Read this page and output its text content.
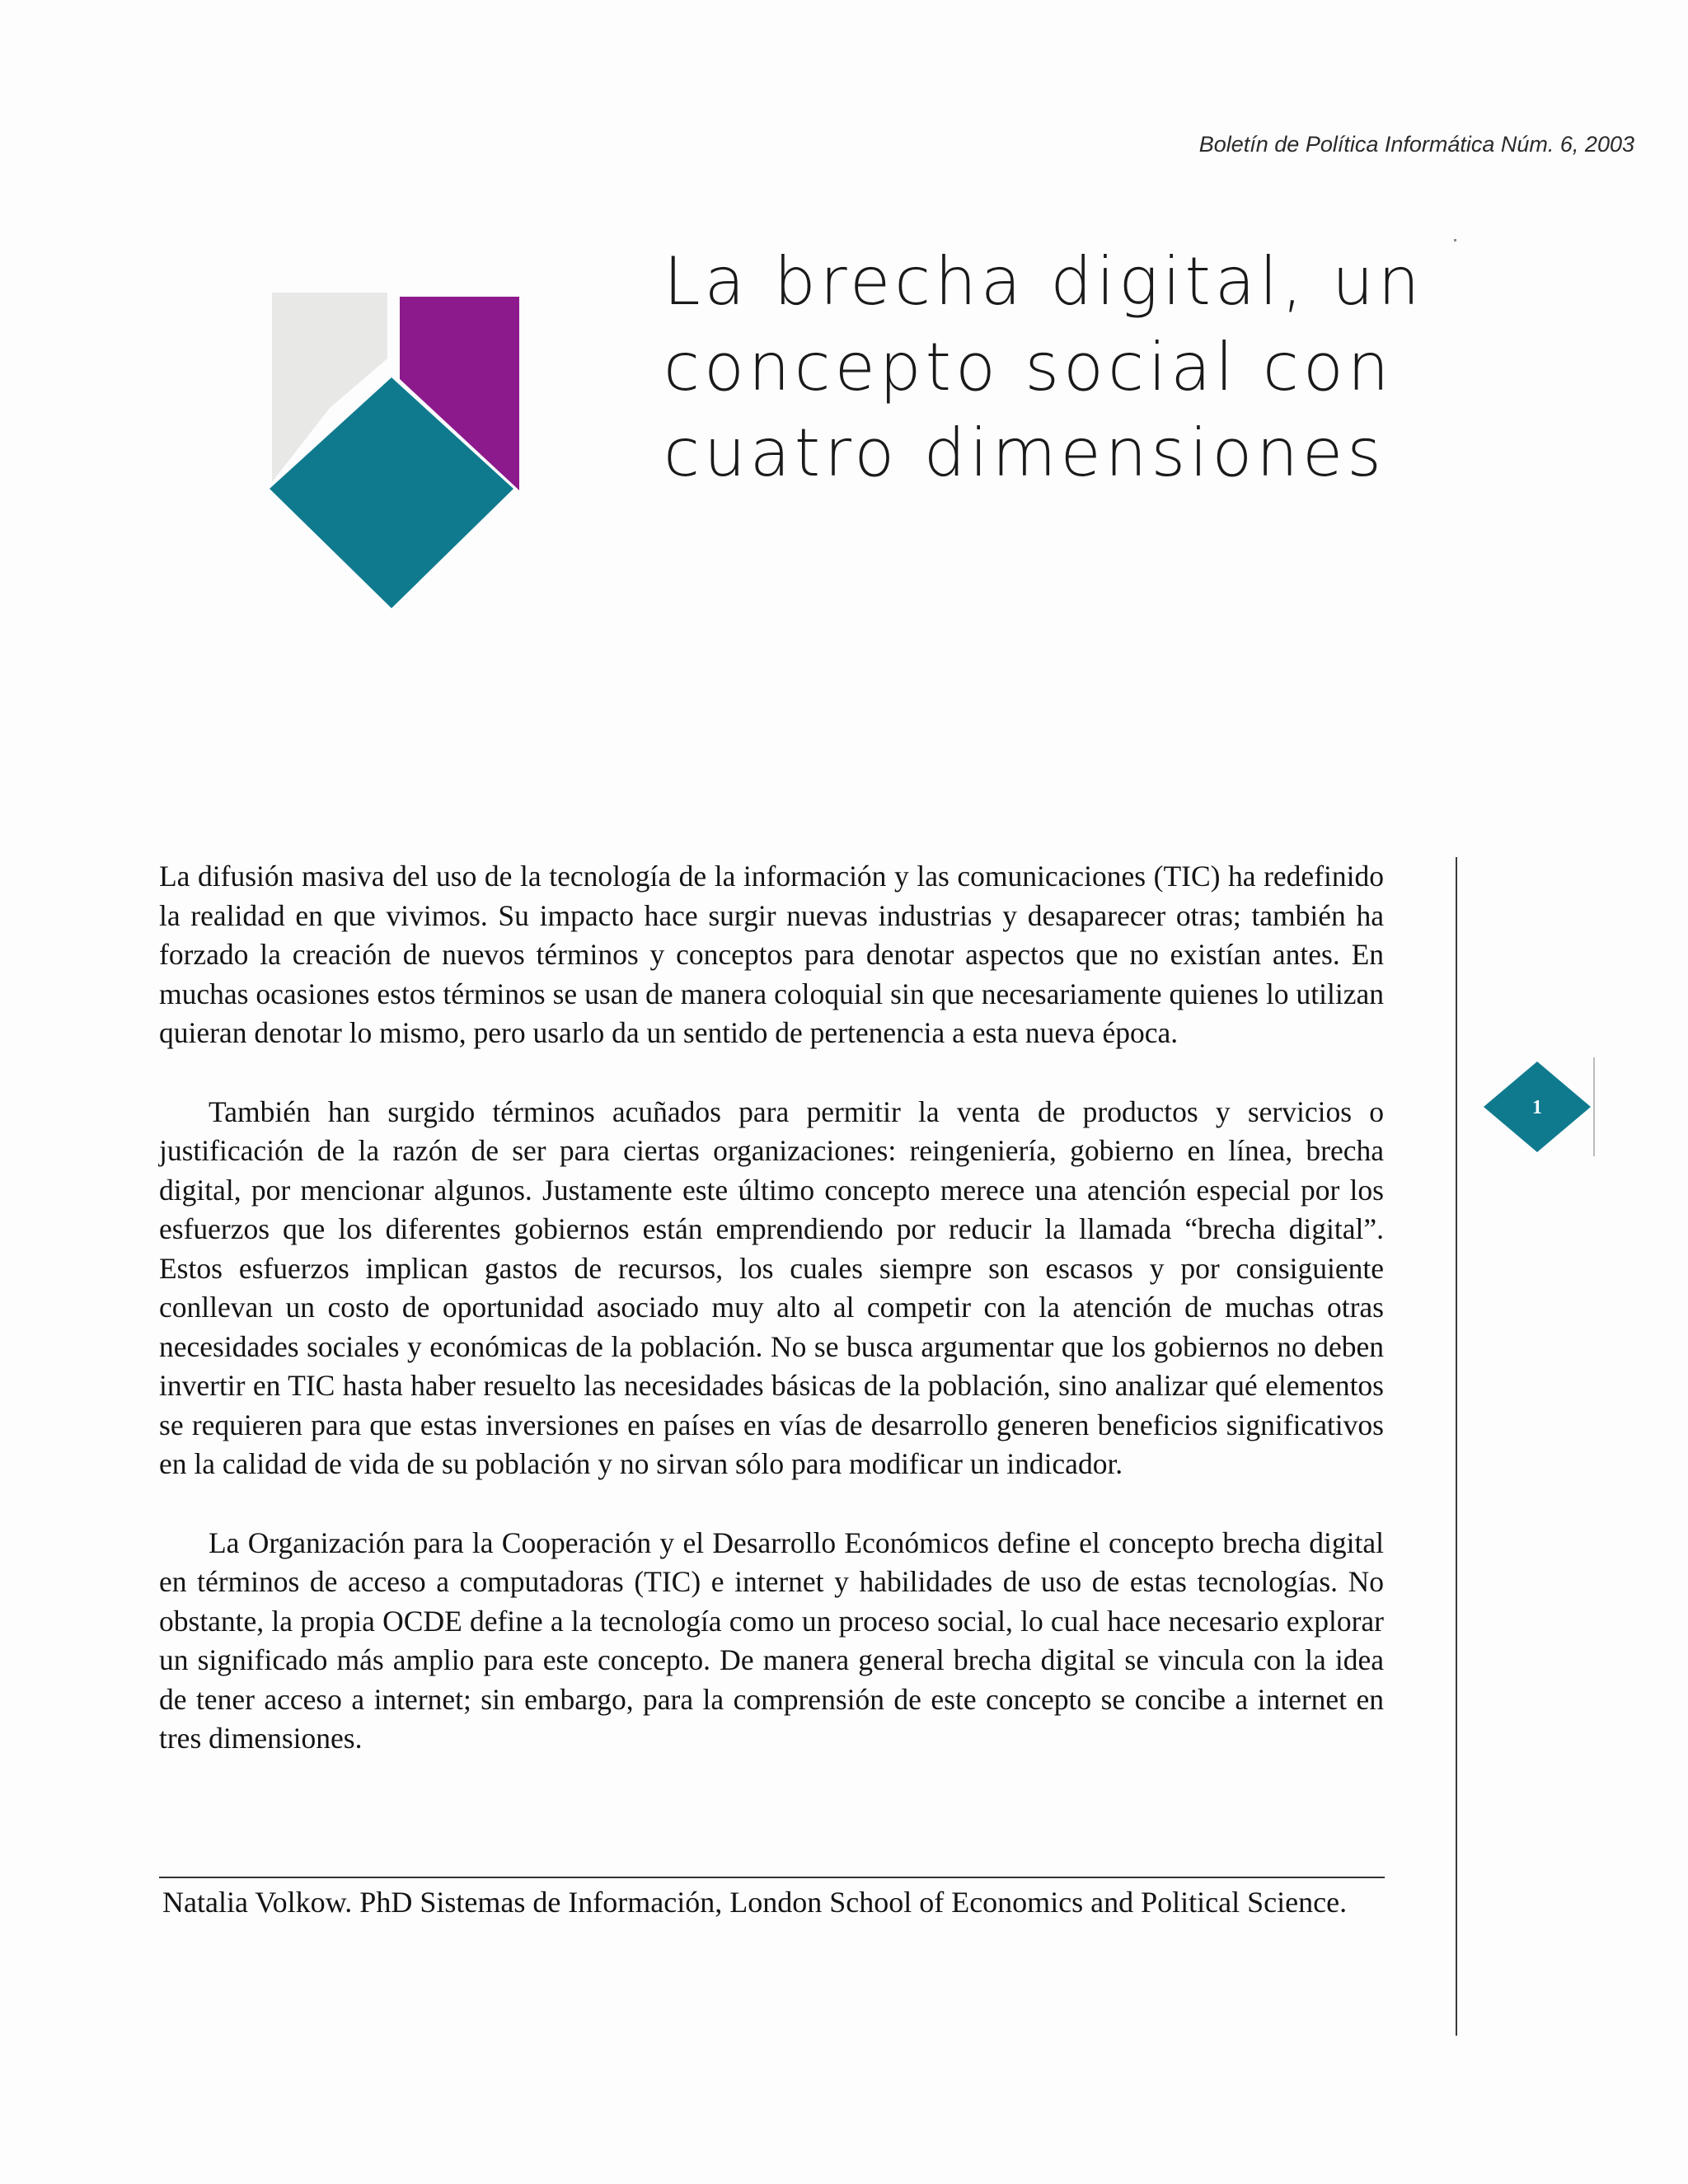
Boletín de Política Informática Núm. 6, 2003
La brecha digital, un
concepto social con
cuatro dimensiones

La difusión masiva del uso de la tecnología de la información y las comunicaciones (TIC) ha redefinido la realidad en que vivimos. Su impacto hace surgir nuevas industrias y desaparecer otras; también ha forzado la creación de nuevos términos y conceptos para denotar aspectos que no existían antes. En muchas ocasiones estos términos se usan de manera coloquial sin que necesariamente quienes lo utilizan quieran denotar lo mismo, pero usarlo da un sentido de pertenencia a esta nueva época.

También han surgido términos acuñados para permitir la venta de productos y servicios o justificación de la razón de ser para ciertas organizaciones: reingeniería, gobierno en línea, brecha digital, por mencionar algunos. Justamente este último concepto merece una atención especial por los esfuerzos que los diferentes gobiernos están emprendiendo por reducir la llamada “brecha digital”. Estos esfuerzos implican gastos de recursos, los cuales siempre son escasos y por consiguiente conllevan un costo de oportunidad asociado muy alto al competir con la atención de muchas otras necesidades sociales y económicas de la población. No se busca argumentar que los gobiernos no deben invertir en TIC hasta haber resuelto las necesidades básicas de la población, sino analizar qué elementos se requieren para que estas inversiones en países en vías de desarrollo generen beneficios significativos en la calidad de vida de su población y no sirvan sólo para modificar un indicador.

La Organización para la Cooperación y el Desarrollo Económicos define el concepto brecha digital en términos de acceso a computadoras (TIC) e internet y habilidades de uso de estas tecnologías. No obstante, la propia OCDE define a la tecnología como un proceso social, lo cual hace necesario explorar un significado más amplio para este concepto. De manera general brecha digital se vincula con la idea de tener acceso a internet; sin embargo, para la comprensión de este concepto se concibe a internet en tres dimensiones.

Natalia Volkow. PhD Sistemas de Información, London School of Economics and Political Science.
1
